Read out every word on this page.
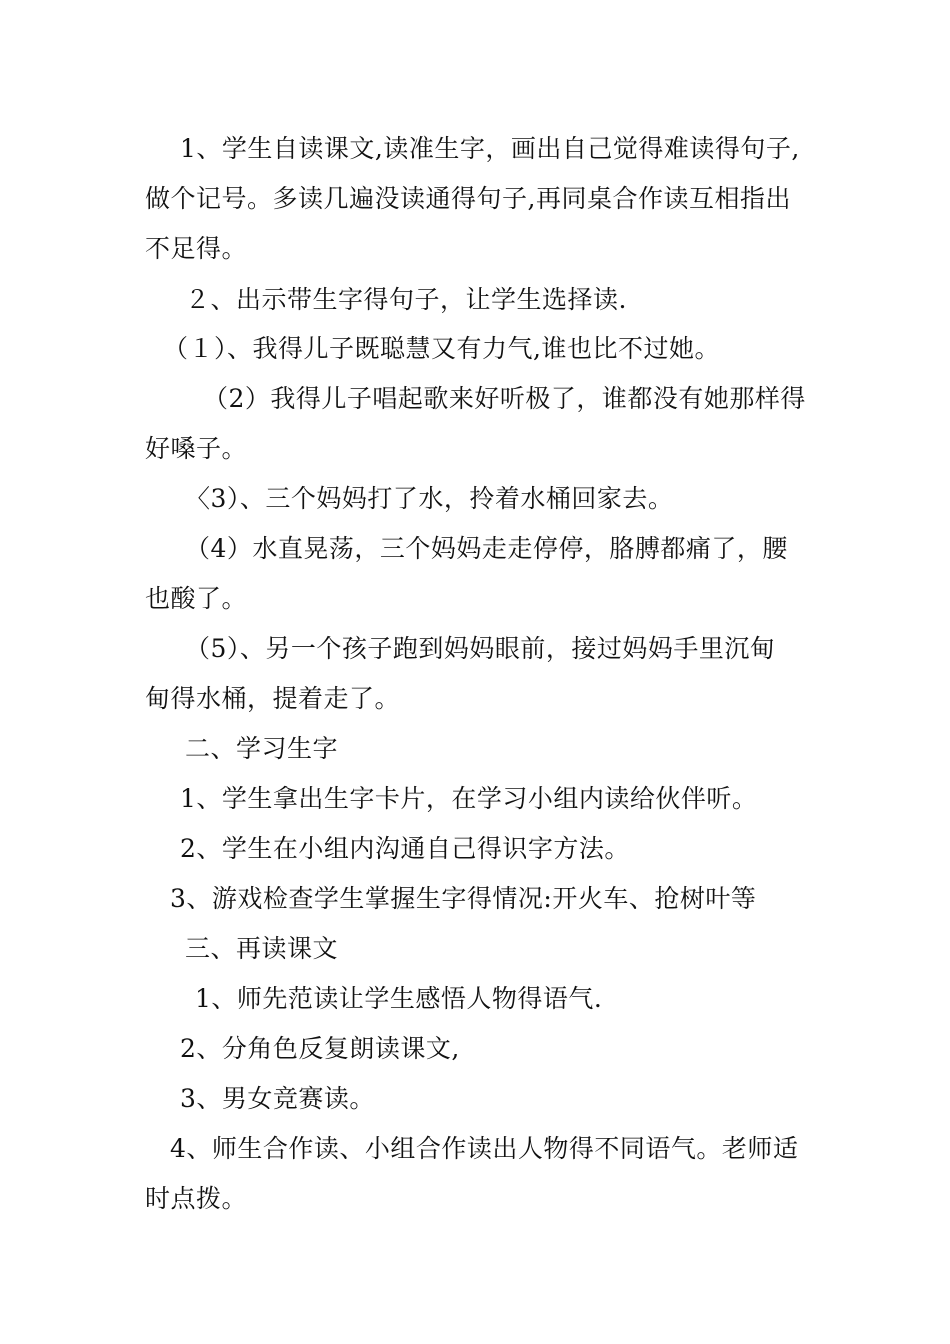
1、学生自读课文,读准生字，画出自己觉得难读得句子,
做个记号。多读几遍没读通得句子,再同桌合作读互相指出
不足得。
２、出示带生字得句子，让学生选择读.
（１）、我得儿子既聪慧又有力气,谁也比不过她。
（2）我得儿子唱起歌来好听极了，谁都没有她那样得
好嗓子。
〈3）、三个妈妈打了水，拎着水桶回家去。
（4）水直晃荡，三个妈妈走走停停，胳膊都痛了，腰
也酸了。
（5）、另一个孩子跑到妈妈眼前，接过妈妈手里沉甸
甸得水桶，提着走了。
二、学习生字
1、学生拿出生字卡片，在学习小组内读给伙伴听。
2、学生在小组内沟通自己得识字方法。
3、游戏检查学生掌握生字得情况:开火车、抢树叶等
三、再读课文
1、师先范读让学生感悟人物得语气.
2、分角色反复朗读课文,
3、男女竞赛读。
4、师生合作读、小组合作读出人物得不同语气。老师适
时点拨。
